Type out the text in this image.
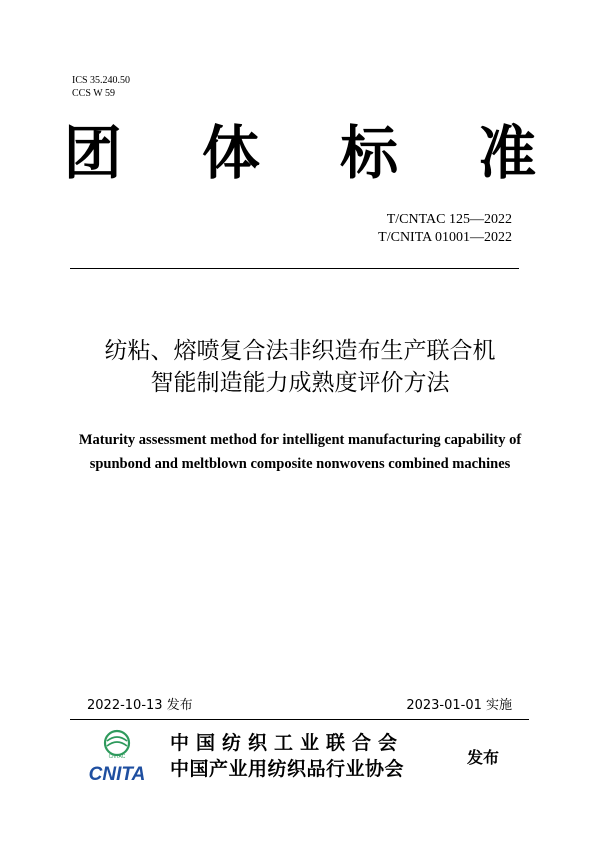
ICS 35.240.50
CCS W 59
团 体 标 准
T/CNTAC 125—2022
T/CNITA 01001—2022
纺粘、熔喷复合法非织造布生产联合机
智能制造能力成熟度评价方法
Maturity assessment method for intelligent manufacturing capability of
spunbond and meltblown composite nonwovens combined machines
2022-10-13 发布	2023-01-01 实施
CNTAC
CNITA
中国纺织工业联合会
中国产业用纺织品行业协会
发布
